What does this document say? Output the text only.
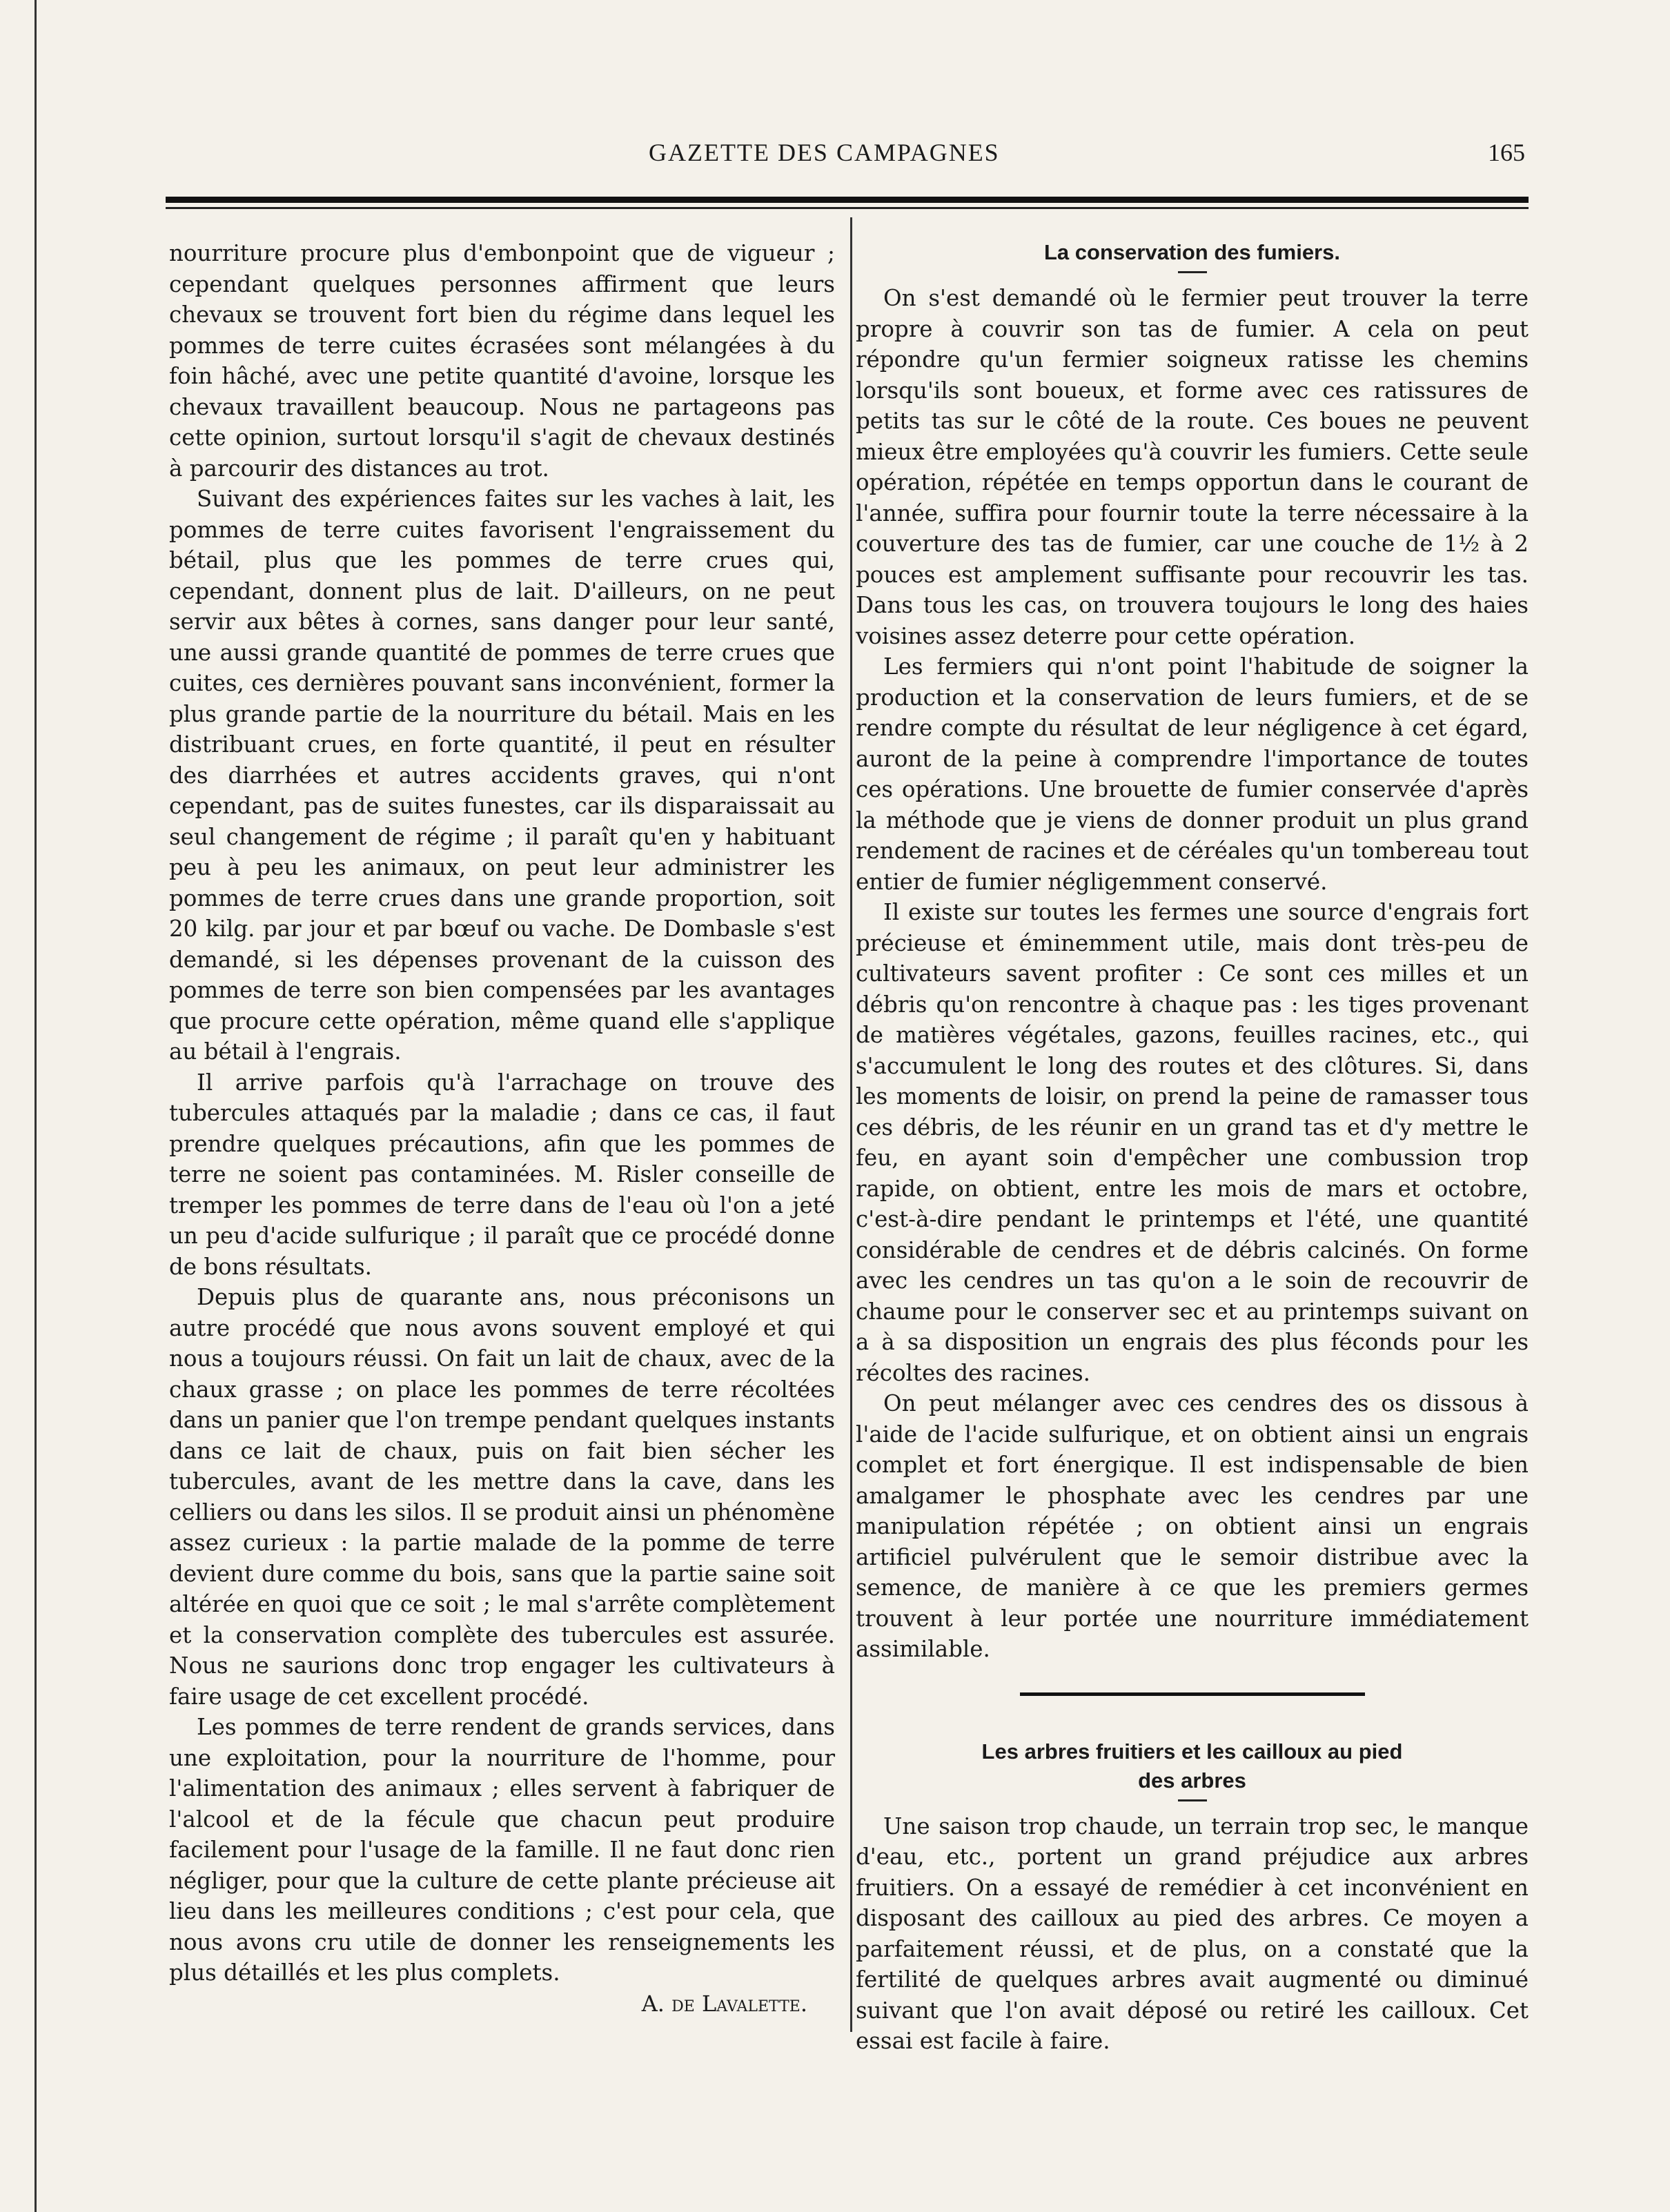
GAZETTE DES CAMPAGNES	165

nourriture procure plus d'embonpoint que de vigueur ; cependant quelques personnes affirment que leurs chevaux se trouvent fort bien du régime dans lequel les pommes de terre cuites écrasées sont mélangées à du foin hâché, avec une petite quantité d'avoine, lorsque les chevaux travaillent beaucoup. Nous ne partageons pas cette opinion, surtout lorsqu'il s'agit de chevaux destinés à parcourir des distances au trot.

Suivant des expériences faites sur les vaches à lait, les pommes de terre cuites favorisent l'engraissement du bétail, plus que les pommes de terre crues qui, cependant, donnent plus de lait. D'ailleurs, on ne peut servir aux bêtes à cornes, sans danger pour leur santé, une aussi grande quantité de pommes de terre crues que cuites, ces dernières pouvant sans inconvénient, former la plus grande partie de la nourriture du bétail. Mais en les distribuant crues, en forte quantité, il peut en résulter des diarrhées et autres accidents graves, qui n'ont cependant, pas de suites funestes, car ils disparaissait au seul changement de régime ; il paraît qu'en y habituant peu à peu les animaux, on peut leur administrer les pommes de terre crues dans une grande proportion, soit 20 kilg. par jour et par bœuf ou vache. De Dombasle s'est demandé, si les dépenses provenant de la cuisson des pommes de terre son bien compensées par les avantages que procure cette opération, même quand elle s'applique au bétail à l'engrais.

Il arrive parfois qu'à l'arrachage on trouve des tubercules attaqués par la maladie ; dans ce cas, il faut prendre quelques précautions, afin que les pommes de terre ne soient pas contaminées. M. Risler conseille de tremper les pommes de terre dans de l'eau où l'on a jeté un peu d'acide sulfurique ; il paraît que ce procédé donne de bons résultats.

Depuis plus de quarante ans, nous préconisons un autre procédé que nous avons souvent employé et qui nous a toujours réussi. On fait un lait de chaux, avec de la chaux grasse ; on place les pommes de terre récoltées dans un panier que l'on trempe pendant quelques instants dans ce lait de chaux, puis on fait bien sécher les tubercules, avant de les mettre dans la cave, dans les celliers ou dans les silos. Il se produit ainsi un phénomène assez curieux : la partie malade de la pomme de terre devient dure comme du bois, sans que la partie saine soit altérée en quoi que ce soit ; le mal s'arrête complètement et la conservation complète des tubercules est assurée. Nous ne saurions donc trop engager les cultivateurs à faire usage de cet excellent procédé.

Les pommes de terre rendent de grands services, dans une exploitation, pour la nourriture de l'homme, pour l'alimentation des animaux ; elles servent à fabriquer de l'alcool et de la fécule que chacun peut produire facilement pour l'usage de la famille. Il ne faut donc rien négliger, pour que la culture de cette plante précieuse ait lieu dans les meilleures conditions ; c'est pour cela, que nous avons cru utile de donner les renseignements les plus détaillés et les plus complets.

A. de Lavalette.
La conservation des fumiers.

On s'est demandé où le fermier peut trouver la terre propre à couvrir son tas de fumier. A cela on peut répondre qu'un fermier soigneux ratisse les chemins lorsqu'ils sont boueux, et forme avec ces ratissures de petits tas sur le côté de la route. Ces boues ne peuvent mieux être employées qu'à couvrir les fumiers. Cette seule opération, répétée en temps opportun dans le courant de l'année, suffira pour fournir toute la terre nécessaire à la couverture des tas de fumier, car une couche de 1½ à 2 pouces est amplement suffisante pour recouvrir les tas. Dans tous les cas, on trouvera toujours le long des haies voisines assez deterre pour cette opération.

Les fermiers qui n'ont point l'habitude de soigner la production et la conservation de leurs fumiers, et de se rendre compte du résultat de leur négligence à cet égard, auront de la peine à comprendre l'importance de toutes ces opérations. Une brouette de fumier conservée d'après la méthode que je viens de donner produit un plus grand rendement de racines et de céréales qu'un tombereau tout entier de fumier négligemment conservé.

Il existe sur toutes les fermes une source d'engrais fort précieuse et éminemment utile, mais dont très-peu de cultivateurs savent profiter : Ce sont ces milles et un débris qu'on rencontre à chaque pas : les tiges provenant de matières végétales, gazons, feuilles racines, etc., qui s'accumulent le long des routes et des clôtures. Si, dans les moments de loisir, on prend la peine de ramasser tous ces débris, de les réunir en un grand tas et d'y mettre le feu, en ayant soin d'empêcher une combussion trop rapide, on obtient, entre les mois de mars et octobre, c'est-à-dire pendant le printemps et l'été, une quantité considérable de cendres et de débris calcinés. On forme avec les cendres un tas qu'on a le soin de recouvrir de chaume pour le conserver sec et au printemps suivant on a à sa disposition un engrais des plus féconds pour les récoltes des racines.

On peut mélanger avec ces cendres des os dissous à l'aide de l'acide sulfurique, et on obtient ainsi un engrais complet et fort énergique. Il est indispensable de bien amalgamer le phosphate avec les cendres par une manipulation répétée ; on obtient ainsi un engrais artificiel pulvérulent que le semoir distribue avec la semence, de manière à ce que les premiers germes trouvent à leur portée une nourriture immédiatement assimilable.

Les arbres fruitiers et les cailloux au pied
des arbres

Une saison trop chaude, un terrain trop sec, le manque d'eau, etc., portent un grand préjudice aux arbres fruitiers. On a essayé de remédier à cet inconvénient en disposant des cailloux au pied des arbres. Ce moyen a parfaitement réussi, et de plus, on a constaté que la fertilité de quelques arbres avait augmenté ou diminué suivant que l'on avait déposé ou retiré les cailloux. Cet essai est facile à faire.
